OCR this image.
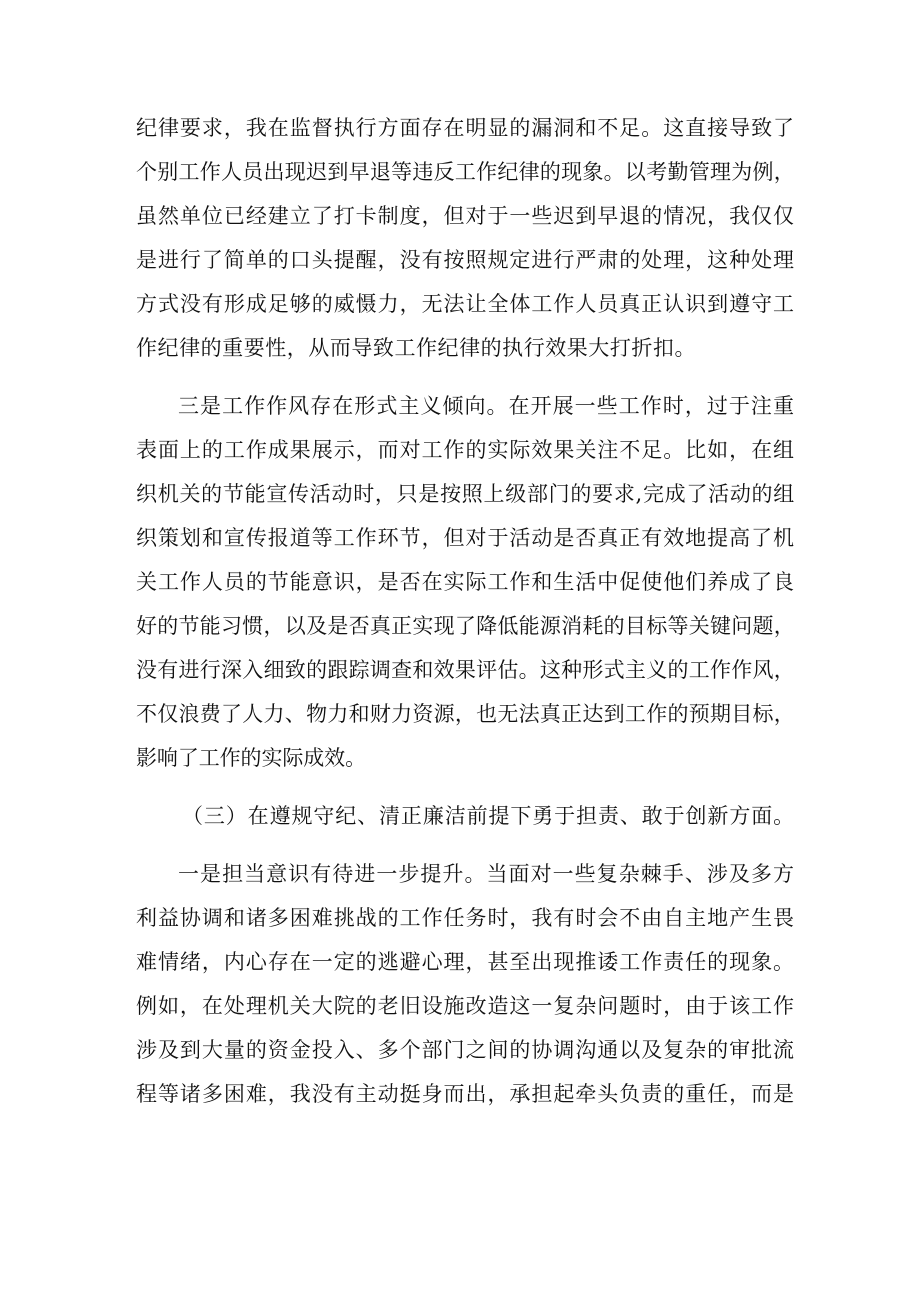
纪律要求，我在监督执行方面存在明显的漏洞和不足。这直接导致了
个别工作人员出现迟到早退等违反工作纪律的现象。以考勤管理为例，
虽然单位已经建立了打卡制度，但对于一些迟到早退的情况，我仅仅
是进行了简单的口头提醒，没有按照规定进行严肃的处理，这种处理
方式没有形成足够的威慑力，无法让全体工作人员真正认识到遵守工
作纪律的重要性，从而导致工作纪律的执行效果大打折扣。
三是工作作风存在形式主义倾向。在开展一些工作时，过于注重
表面上的工作成果展示，而对工作的实际效果关注不足。比如，在组
织机关的节能宣传活动时，只是按照上级部门的要求,完成了活动的组
织策划和宣传报道等工作环节，但对于活动是否真正有效地提高了机
关工作人员的节能意识，是否在实际工作和生活中促使他们养成了良
好的节能习惯，以及是否真正实现了降低能源消耗的目标等关键问题，
没有进行深入细致的跟踪调查和效果评估。这种形式主义的工作作风，
不仅浪费了人力、物力和财力资源，也无法真正达到工作的预期目标，
影响了工作的实际成效。
（三）在遵规守纪、清正廉洁前提下勇于担责、敢于创新方面。
一是担当意识有待进一步提升。当面对一些复杂棘手、涉及多方
利益协调和诸多困难挑战的工作任务时，我有时会不由自主地产生畏
难情绪，内心存在一定的逃避心理，甚至出现推诿工作责任的现象。
例如，在处理机关大院的老旧设施改造这一复杂问题时，由于该工作
涉及到大量的资金投入、多个部门之间的协调沟通以及复杂的审批流
程等诸多困难，我没有主动挺身而出，承担起牵头负责的重任，而是
